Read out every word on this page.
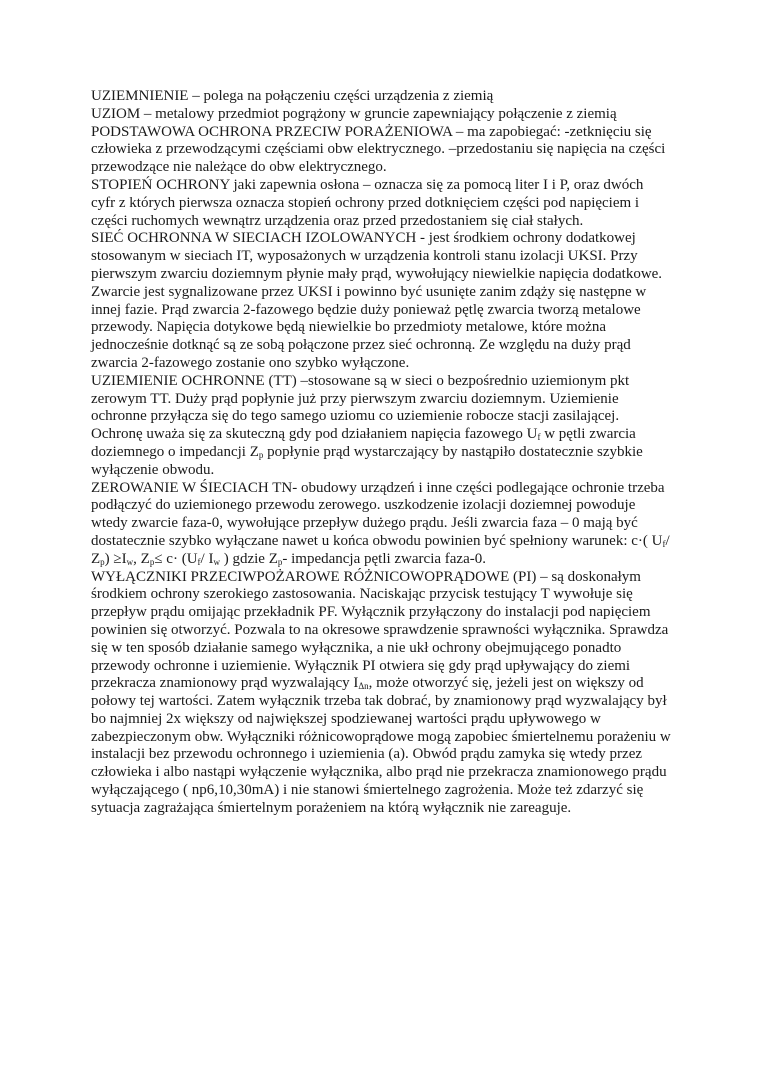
UZIEMNIENIE – polega na połączeniu części urządzenia z ziemią

UZIOM – metalowy przedmiot pogrążony w gruncie zapewniający połączenie z ziemią

PODSTAWOWA OCHRONA PRZECIW PORAŻENIOWA – ma zapobiegać: -zetknięciu się człowieka z przewodzącymi częściami obw elektrycznego. –przedostaniu się napięcia na części przewodzące nie należące do obw elektrycznego.

STOPIEŃ OCHRONY jaki zapewnia osłona – oznacza się za pomocą liter I i P, oraz dwóch cyfr z których pierwsza oznacza stopień ochrony przed dotknięciem części pod napięciem i części ruchomych wewnątrz urządzenia oraz przed przedostaniem się ciał stałych.

SIEĆ OCHRONNA W SIECIACH IZOLOWANYCH - jest środkiem ochrony dodatkowej stosowanym w sieciach IT, wyposażonych w urządzenia kontroli stanu izolacji UKSI. Przy pierwszym zwarciu doziemnym płynie mały prąd, wywołujący niewielkie napięcia dodatkowe. Zwarcie jest sygnalizowane przez UKSI i powinno być usunięte zanim zdąży się następne w innej fazie. Prąd zwarcia 2-fazowego będzie duży ponieważ pętlę zwarcia tworzą metalowe przewody. Napięcia dotykowe będą niewielkie bo przedmioty metalowe, które można jednocześnie dotknąć są ze sobą połączone przez sieć ochronną. Ze względu na duży prąd zwarcia 2-fazowego zostanie ono szybko wyłączone.

UZIEMIENIE OCHRONNE (TT) –stosowane są w sieci o bezpośrednio uziemionym pkt zerowym TT. Duży prąd popłynie już przy pierwszym zwarciu doziemnym. Uziemienie ochronne przyłącza się do tego samego uziomu co uziemienie robocze stacji zasilającej. Ochronę uważa się za skuteczną gdy pod działaniem napięcia fazowego $U_f$ w pętli zwarcia doziemnego o impedancji $Z_p$ popłynie prąd wystarczający by nastąpiło dostatecznie szybkie wyłączenie obwodu.

ZEROWANIE W ŚIECIACH TN- obudowy urządzeń i inne części podlegające ochronie trzeba podłączyć do uziemionego przewodu zerowego. uszkodzenie izolacji doziemnej powoduje wtedy zwarcie faza-0, wywołujące przepływ dużego prądu. Jeśli zwarcia faza – 0 mają być dostatecznie szybko wyłączane nawet u końca obwodu powinien być spełniony warunek: c·( $U_f/$ $Z_p) \ge I_w$, $Z_p\le c\cdot (U_f/$ $I_w$ ) gdzie $Z_p-$ impedancja pętli zwarcia faza-0.

WYŁĄCZNIKI PRZECIWPOŻAROWE RÓŻNICOWOPRĄDOWE (PI) – są doskonałym środkiem ochrony szerokiego zastosowania. Naciskając przycisk testujący T wywołuje się przepływ prądu omijając przekładnik PF. Wyłącznik przyłączony do instalacji pod napięciem powinien się otworzyć. Pozwala to na okresowe sprawdzenie sprawności wyłącznika. Sprawdza się w ten sposób działanie samego wyłącznika, a nie ukł ochrony obejmującego ponadto przewody ochronne i uziemienie. Wyłącznik PI otwiera się gdy prąd upływający do ziemi przekracza znamionowy prąd wyzwalający $I_{\Delta n}$, może otworzyć się, jeżeli jest on większy od połowy tej wartości. Zatem wyłącznik trzeba tak dobrać, by znamionowy prąd wyzwalający był bo najmniej 2x większy od największej spodziewanej wartości prądu upływowego w zabezpieczonym obw. Wyłączniki różnicowoprądowe mogą zapobiec śmiertelnemu porażeniu w instalacji bez przewodu ochronnego i uziemienia (a). Obwód prądu zamyka się wtedy przez człowieka i albo nastąpi wyłączenie wyłącznika, albo prąd nie przekracza znamionowego prądu wyłączającego ( np6,10,30mA) i nie stanowi śmiertelnego zagrożenia. Może też zdarzyć się sytuacja zagrażająca śmiertelnym porażeniem na którą wyłącznik nie zareaguje.
